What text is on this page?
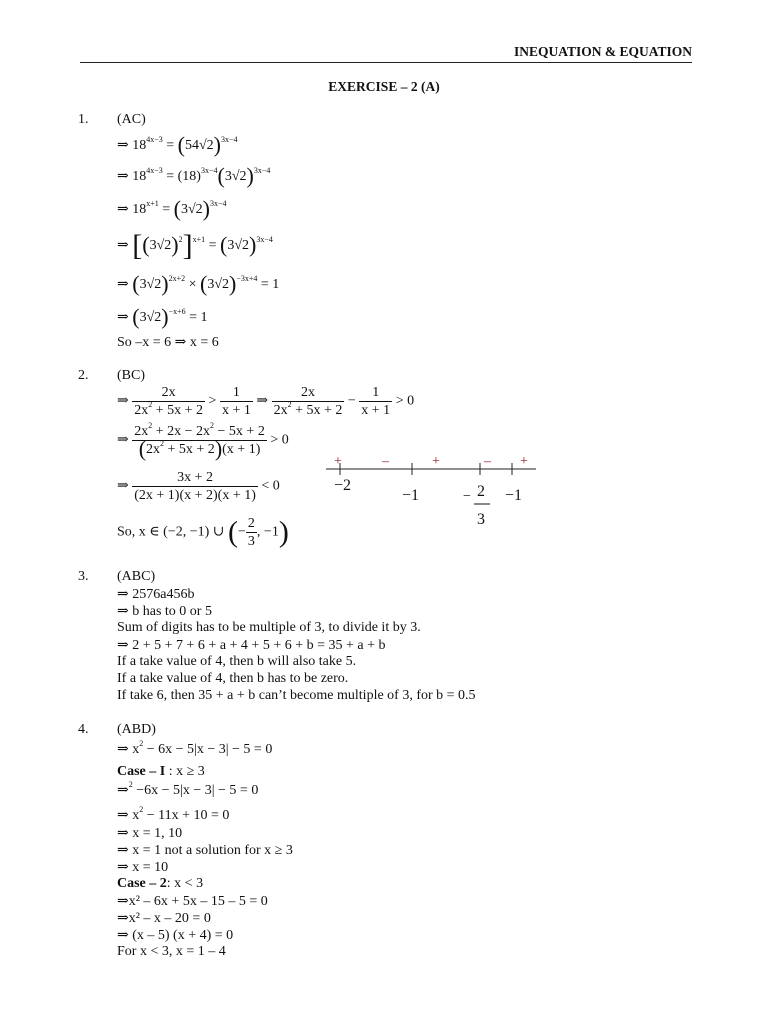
INEQUATION & EQUATION
EXERCISE – 2 (A)
1. (AC)
⇒ $18^{4x-3} = (54√2)^{3x-4}$
⇒ $18^{4x-3} = (18)^{3x-4}(3√2)^{3x-4}$
⇒ $18^{x+1} = (3√2)^{3x-4}$
⇒ $[(3√2)^2]^{x+1} = (3√2)^{3x-4}$
⇒ $(3√2)^{2x+2} \times (3√2)^{-3x+4} = 1$
⇒ $(3√2)^{-x+6} = 1$
So –x = 6 ⇒ x = 6
2. (BC)
⇒ $\frac{2x}{2x^2 + 5x + 2} > \frac{1}{x + 1}$ ⇒ $\frac{2x}{2x^2 + 5x + 2} - \frac{1}{x + 1} > 0$
⇒ $\frac{2x^2 + 2x - 2x^2 - 5x + 2}{(2x^2 + 5x + 2)(x + 1)} > 0$
⇒ $\frac{3x + 2}{(2x + 1)(x + 2)(x + 1)} < 0$
So, x ∈ (−2, −1) ∪ (− $\frac{2}{3}$ , −1)
+	–	+	– +
−2
−1	− 2
3
−1
3. (ABC)
⇒ 2576a456b
⇒ b has to 0 or 5
Sum of digits has to be multiple of 3, to divide it by 3.
⇒ 2 + 5 + 7 + 6 + a + 4 + 5 + 6 + b = 35 + a + b
If a take value of 4, then b will also take 5.
If a take value of 4, then b has to be zero.
If take 6, then 35 + a + b can’t become multiple of 3, for b = 0.5
4. (ABD)
⇒ $x^2 - 6x - 5|x - 3| - 5 = 0$
Case – I : x ≥ 3
⇒$^2$ −6x − 5|x − 3| − 5 = 0
⇒ $x^2 - 11x + 10 = 0$
⇒ x = 1, 10
⇒ x = 1 not a solution for x ≥ 3
⇒ x = 10
Case – 2: x < 3
⇒x² – 6x + 5x – 15 – 5 = 0
⇒x² – x – 20 = 0
⇒ (x – 5) (x + 4) = 0
For x < 3, x = 1 – 4
